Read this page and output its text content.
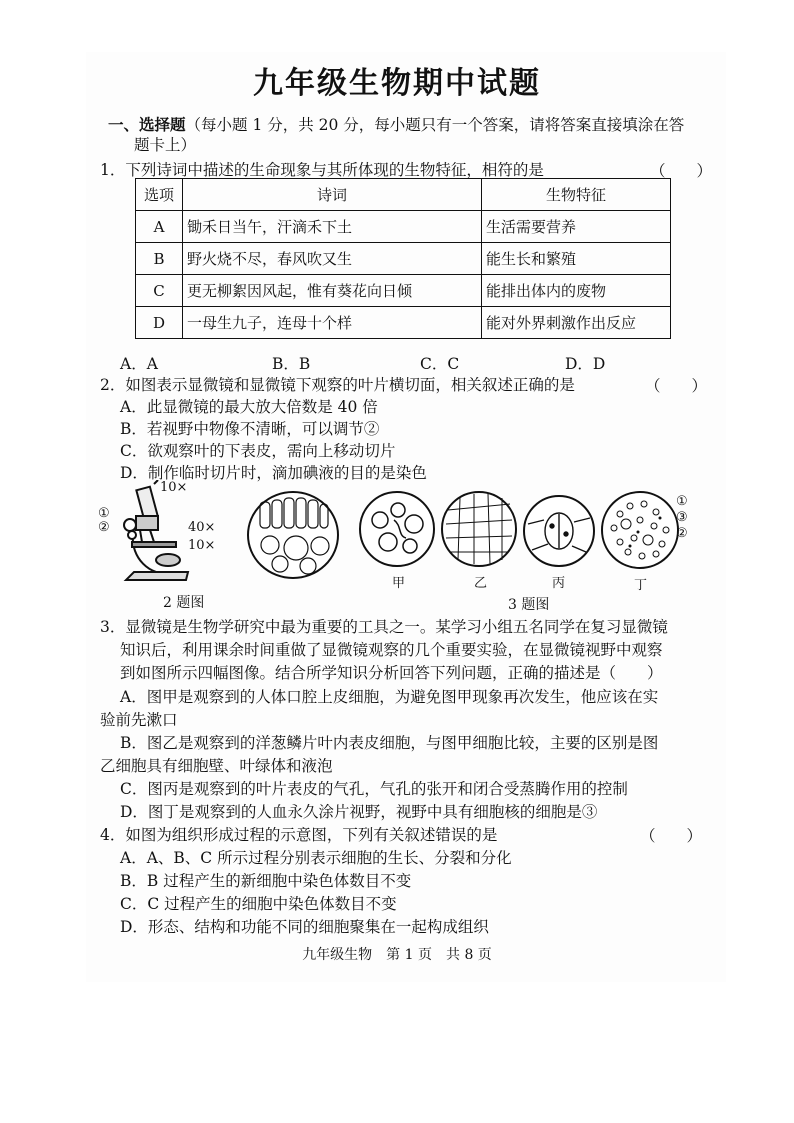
九年级生物期中试题
一、选择题（每小题 1 分，共 20 分，每小题只有一个答案，请将答案直接填涂在答
题卡上）
1．下列诗词中描述的生命现象与其所体现的生物特征，相符的是	（　　）
选项	诗词	生物特征
A	锄禾日当午，汗滴禾下土	生活需要营养
B	野火烧不尽，春风吹又生	能生长和繁殖
C	更无柳絮因风起，惟有葵花向日倾	能排出体内的废物
D	一母生九子，连母十个样	能对外界刺激作出反应
A．A	B．B	C．C	D．D
2．如图表示显微镜和显微镜下观察的叶片横切面，相关叙述正确的是	（　　）
A．此显微镜的最大放大倍数是 40 倍
B．若视野中物像不清晰，可以调节②
C．欲观察叶的下表皮，需向上移动切片
D．制作临时切片时，滴加碘液的目的是染色
10×
40×
10×
①
②
甲	乙	丙	丁
①
③
②
2 题图	3 题图
3．显微镜是生物学研究中最为重要的工具之一。某学习小组五名同学在复习显微镜
知识后，利用课余时间重做了显微镜观察的几个重要实验，在显微镜视野中观察
到如图所示四幅图像。结合所学知识分析回答下列问题，正确的描述是（　　）
A．图甲是观察到的人体口腔上皮细胞，为避免图甲现象再次发生，他应该在实
验前先漱口
B．图乙是观察到的洋葱鳞片叶内表皮细胞，与图甲细胞比较，主要的区别是图
乙细胞具有细胞壁、叶绿体和液泡
C．图丙是观察到的叶片表皮的气孔，气孔的张开和闭合受蒸腾作用的控制
D．图丁是观察到的人血永久涂片视野，视野中具有细胞核的细胞是③
4．如图为组织形成过程的示意图，下列有关叙述错误的是	（　　）
A．A、B、C 所示过程分别表示细胞的生长、分裂和分化
B．B 过程产生的新细胞中染色体数目不变
C．C 过程产生的细胞中染色体数目不变
D．形态、结构和功能不同的细胞聚集在一起构成组织
九年级生物　第 1 页　共 8 页
